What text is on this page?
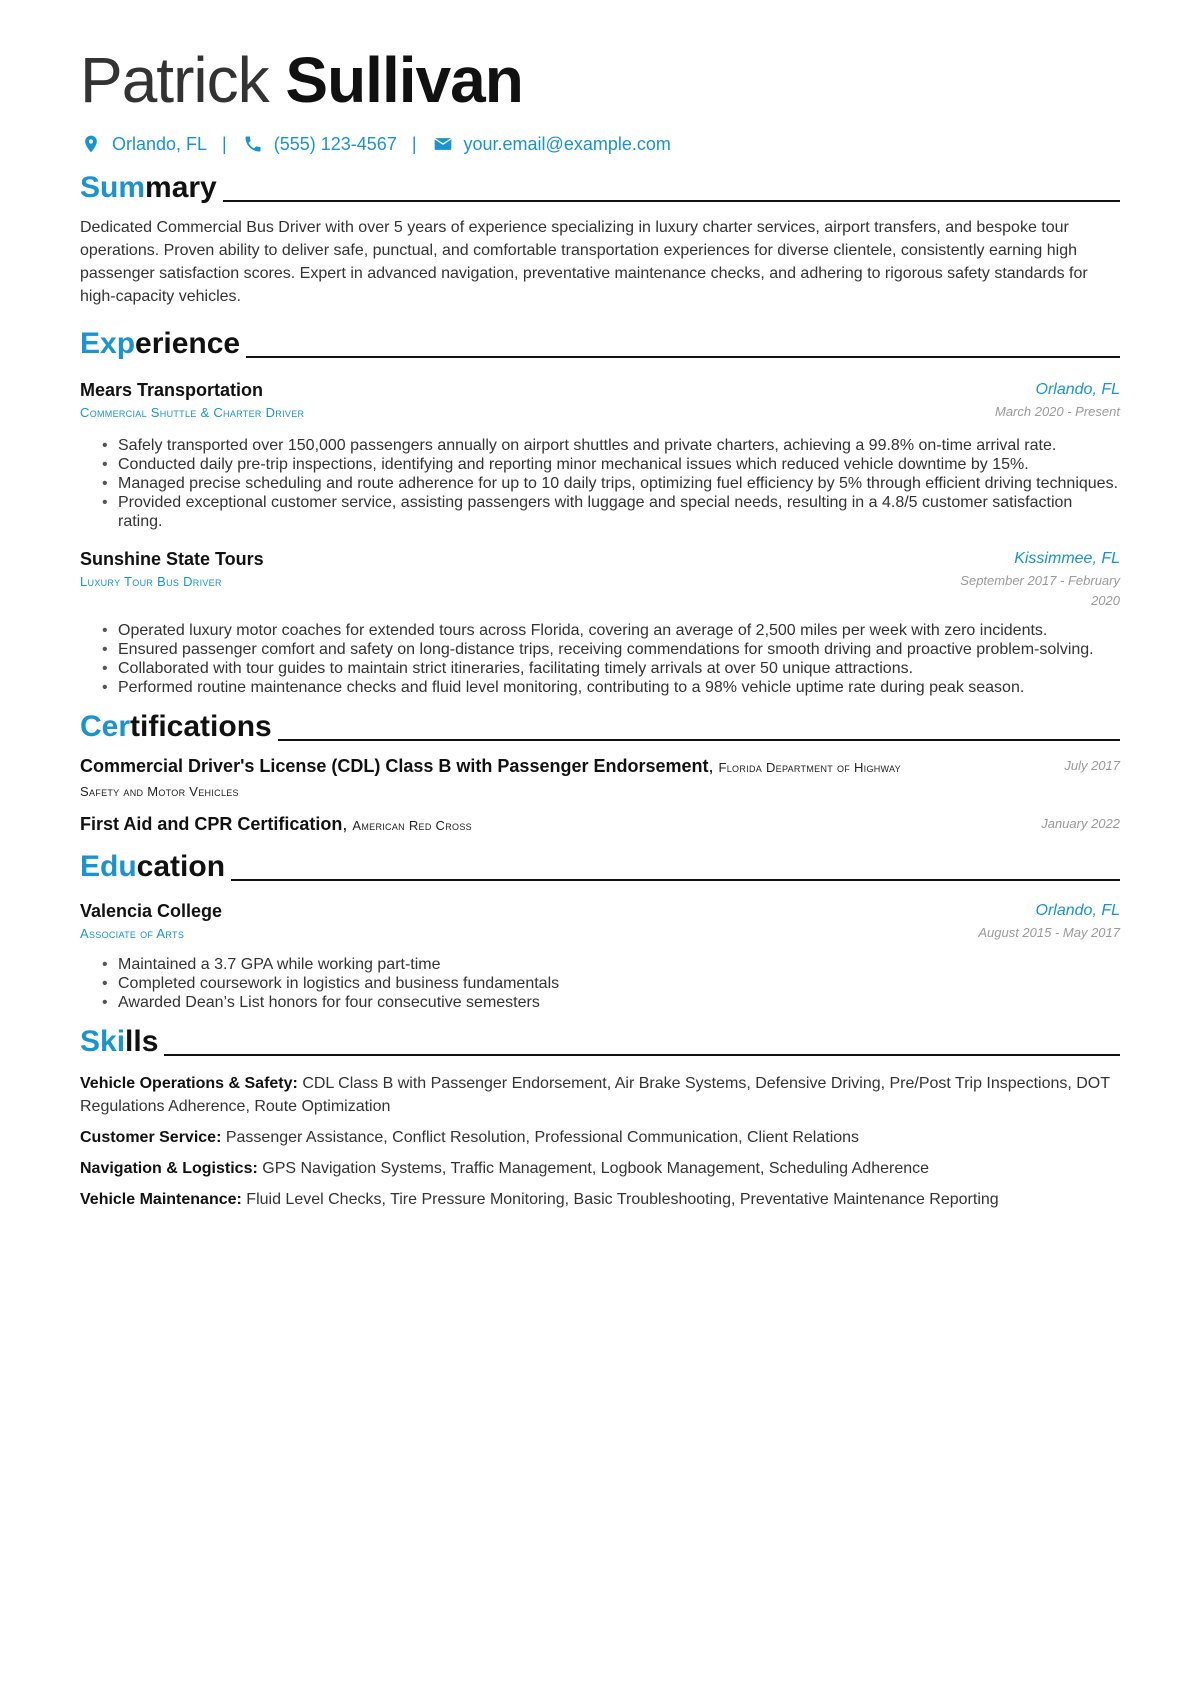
Patrick Sullivan
Orlando, FL |	(555) 123-4567 |	your.email@example.com
Summary
Dedicated Commercial Bus Driver with over 5 years of experience specializing in luxury charter services, airport transfers, and bespoke tour operations. Proven ability to deliver safe, punctual, and comfortable transportation experiences for diverse clientele, consistently earning high passenger satisfaction scores. Expert in advanced navigation, preventative maintenance checks, and adhering to rigorous safety standards for high-capacity vehicles.
Experience
Mears Transportation
Commercial Shuttle & Charter Driver
Orlando, FL
March 2020 - Present
• Safely transported over 150,000 passengers annually on airport shuttles and private charters, achieving a 99.8% on-time arrival rate.
• Conducted daily pre-trip inspections, identifying and reporting minor mechanical issues which reduced vehicle downtime by 15%.
• Managed precise scheduling and route adherence for up to 10 daily trips, optimizing fuel efficiency by 5% through efficient driving techniques.
• Provided exceptional customer service, assisting passengers with luggage and special needs, resulting in a 4.8/5 customer satisfaction rating.
Sunshine State Tours
Luxury Tour Bus Driver
Kissimmee, FL
September 2017 - February 2020
• Operated luxury motor coaches for extended tours across Florida, covering an average of 2,500 miles per week with zero incidents.
• Ensured passenger comfort and safety on long-distance trips, receiving commendations for smooth driving and proactive problem-solving.
• Collaborated with tour guides to maintain strict itineraries, facilitating timely arrivals at over 50 unique attractions.
• Performed routine maintenance checks and fluid level monitoring, contributing to a 98% vehicle uptime rate during peak season.
Certifications
Commercial Driver's License (CDL) Class B with Passenger Endorsement, Florida Department of Highway Safety and Motor Vehicles
July 2017
First Aid and CPR Certification, American Red Cross	January 2022
Education
Valencia College
Associate of Arts
Orlando, FL
August 2015 - May 2017
• Maintained a 3.7 GPA while working part-time
• Completed coursework in logistics and business fundamentals
• Awarded Dean’s List honors for four consecutive semesters
Skills
Vehicle Operations & Safety: CDL Class B with Passenger Endorsement, Air Brake Systems, Defensive Driving, Pre/Post Trip Inspections, DOT Regulations Adherence, Route Optimization
Customer Service: Passenger Assistance, Conflict Resolution, Professional Communication, Client Relations
Navigation & Logistics: GPS Navigation Systems, Traffic Management, Logbook Management, Scheduling Adherence
Vehicle Maintenance: Fluid Level Checks, Tire Pressure Monitoring, Basic Troubleshooting, Preventative Maintenance Reporting
